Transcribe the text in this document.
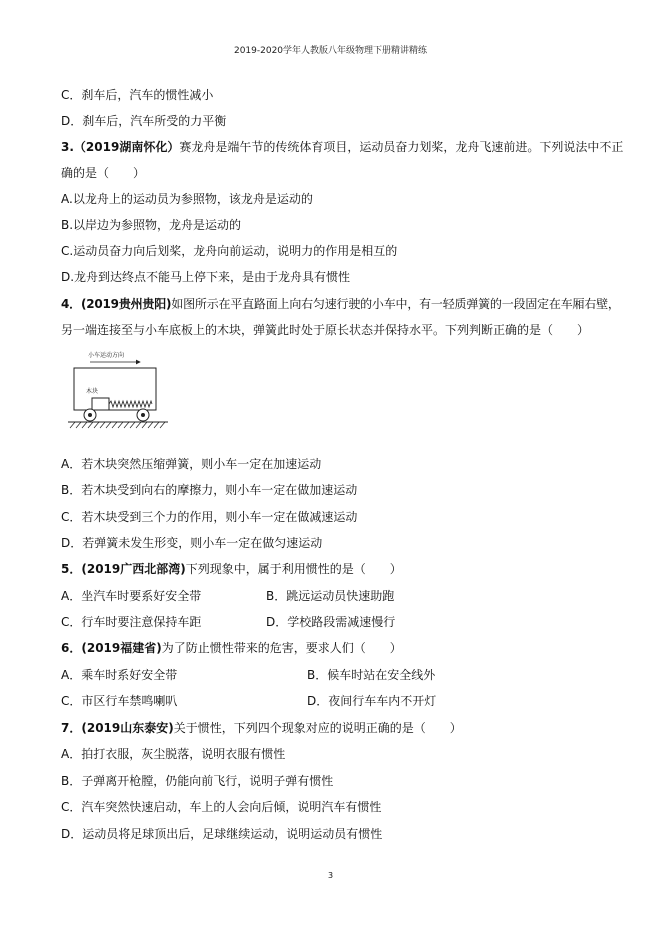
2019-2020学年人教版八年级物理下册精讲精练
C．刹车后，汽车的惯性减小
D．刹车后，汽车所受的力平衡
3.（2019湖南怀化）赛龙舟是端午节的传统体育项目，运动员奋力划桨，龙舟飞速前进。下列说法中不正
确的是（　　）
A.以龙舟上的运动员为参照物，该龙舟是运动的
B.以岸边为参照物，龙舟是运动的
C.运动员奋力向后划桨，龙舟向前运动，说明力的作用是相互的
D.龙舟到达终点不能马上停下来，是由于龙舟具有惯性
4．(2019贵州贵阳)如图所示在平直路面上向右匀速行驶的小车中，有一轻质弹簧的一段固定在车厢右壁，
另一端连接至与小车底板上的木块，弹簧此时处于原长状态并保持水平。下列判断正确的是（　　）
小车运动方向
木块
A．若木块突然压缩弹簧，则小车一定在加速运动
B．若木块受到向右的摩擦力，则小车一定在做加速运动
C．若木块受到三个力的作用，则小车一定在做减速运动
D．若弹簧未发生形变，则小车一定在做匀速运动
5．(2019广西北部湾)下列现象中，属于利用惯性的是（　　）
A．坐汽车时要系好安全带	B．跳远运动员快速助跑
C．行车时要注意保持车距	D．学校路段需减速慢行
6．(2019福建省)为了防止惯性带来的危害，要求人们（　　）
A．乘车时系好安全带	B．候车时站在安全线外
C．市区行车禁鸣喇叭	D．夜间行车车内不开灯
7．(2019山东泰安)关于惯性，下列四个现象对应的说明正确的是（　　）
A．拍打衣服，灰尘脱落，说明衣服有惯性
B．子弹离开枪膛，仍能向前飞行，说明子弹有惯性
C．汽车突然快速启动，车上的人会向后倾，说明汽车有惯性
D．运动员将足球顶出后，足球继续运动，说明运动员有惯性
3
